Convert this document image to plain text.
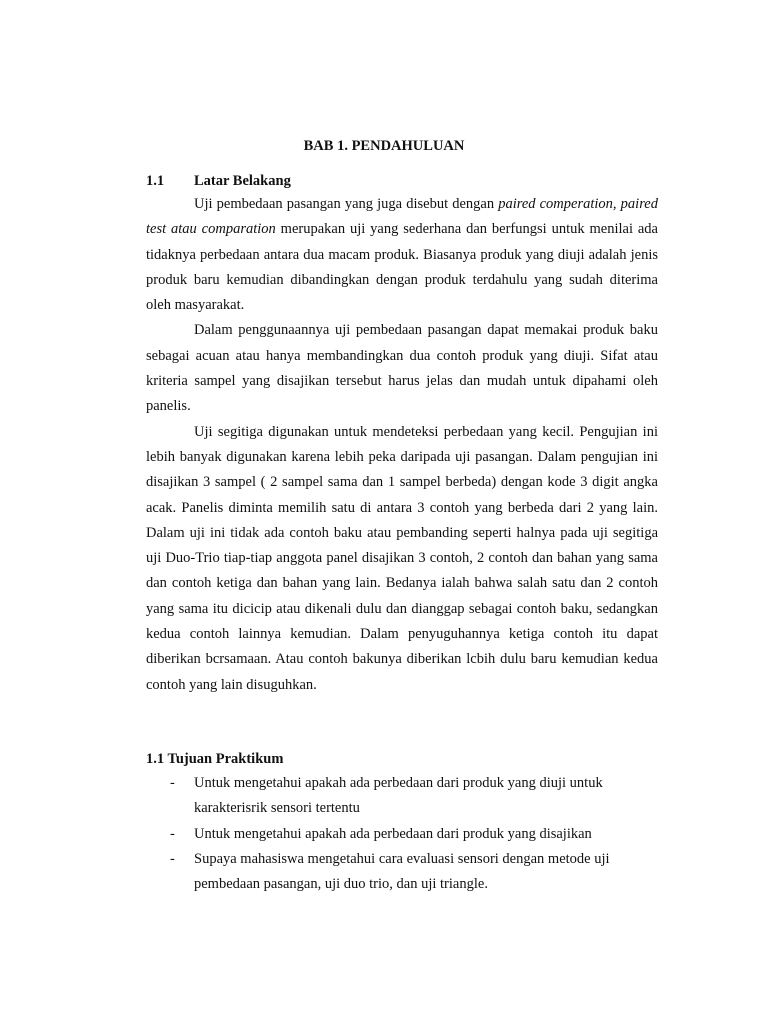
BAB 1. PENDAHULUAN
1.1 Latar Belakang

Uji pembedaan pasangan yang juga disebut dengan paired comperation, paired test atau comparation merupakan uji yang sederhana dan berfungsi untuk menilai ada tidaknya perbedaan antara dua macam produk. Biasanya produk yang diuji adalah jenis produk baru kemudian dibandingkan dengan produk terdahulu yang sudah diterima oleh masyarakat.

Dalam penggunaannya uji pembedaan pasangan dapat memakai produk baku sebagai acuan atau hanya membandingkan dua contoh produk yang diuji. Sifat atau kriteria sampel yang disajikan tersebut harus jelas dan mudah untuk dipahami oleh panelis.

Uji segitiga digunakan untuk mendeteksi perbedaan yang kecil. Pengujian ini lebih banyak digunakan karena lebih peka daripada uji pasangan. Dalam pengujian ini disajikan 3 sampel ( 2 sampel sama dan 1 sampel berbeda) dengan kode 3 digit angka acak. Panelis diminta memilih satu di antara 3 contoh yang berbeda dari 2 yang lain. Dalam uji ini tidak ada contoh baku atau pembanding seperti halnya pada uji segitiga uji Duo-Trio tiap-tiap anggota panel disajikan 3 contoh, 2 contoh dan bahan yang sama dan contoh ketiga dan bahan yang lain. Bedanya ialah bahwa salah satu dan 2 contoh yang sama itu dicicip atau dikenali dulu dan dianggap sebagai contoh baku, sedangkan kedua contoh lainnya kemudian. Dalam penyuguhannya ketiga contoh itu dapat diberikan bcrsamaan. Atau contoh bakunya diberikan lcbih dulu baru kemudian kedua contoh yang lain disuguhkan.

1.1 Tujuan Praktikum
- Untuk mengetahui apakah ada perbedaan dari produk yang diuji untuk karakterisrik sensori tertentu
- Untuk mengetahui apakah ada perbedaan dari produk yang disajikan
- Supaya mahasiswa mengetahui cara evaluasi sensori dengan metode uji pembedaan pasangan, uji duo trio, dan uji triangle.
